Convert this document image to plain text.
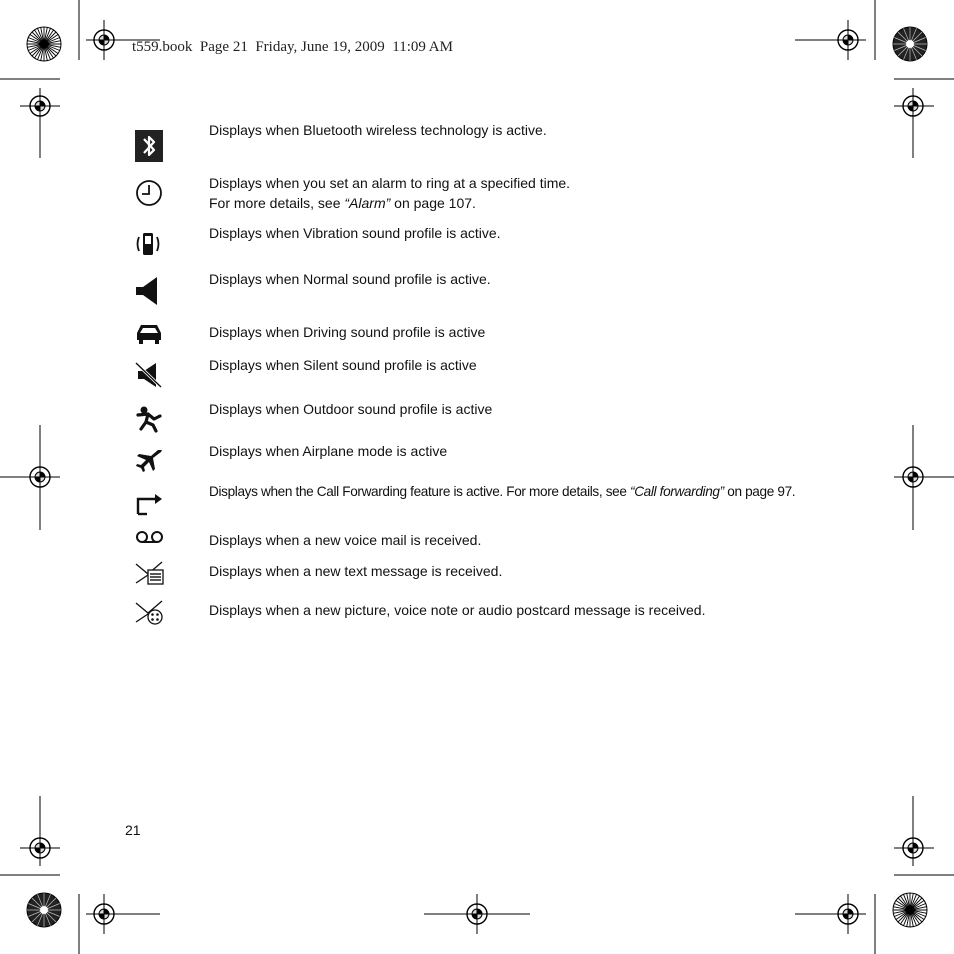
t559.book  Page 21  Friday, June 19, 2009  11:09 AM
Displays when Bluetooth wireless technology is active.
Displays when you set an alarm to ring at a specified time.
For more details, see “Alarm” on page 107.
Displays when Vibration sound profile is active.
Displays when Normal sound profile is active.
Displays when Driving sound profile is active
Displays when Silent sound profile is active
Displays when Outdoor sound profile is active
Displays when Airplane mode is active
Displays when the Call Forwarding feature is active. For more details, see “Call forwarding” on page 97.
Displays when a new voice mail is received.
Displays when a new text message is received.
Displays when a new picture, voice note or audio postcard message is received.
21
